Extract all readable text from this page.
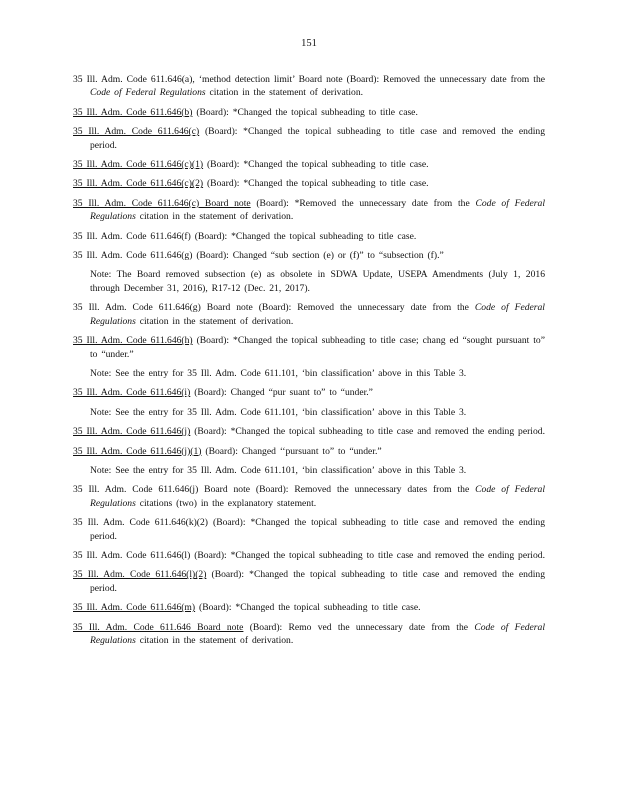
151
35 Ill. Adm. Code 611.646(a), ‘method detection limit’ Board note (Board): Removed the unnecessary date from the Code of Federal Regulations citation in the statement of derivation.
35 Ill. Adm. Code 611.646(b) (Board): *Changed the topical subheading to title case.
35 Ill. Adm. Code 611.646(c) (Board): *Changed the topical subheading to title case and removed the ending period.
35 Ill. Adm. Code 611.646(c)(1) (Board): *Changed the topical subheading to title case.
35 Ill. Adm. Code 611.646(c)(2) (Board): *Changed the topical subheading to title case.
35 Ill. Adm. Code 611.646(c) Board note (Board): *Removed the unnecessary date from the Code of Federal Regulations citation in the statement of derivation.
35 Ill. Adm. Code 611.646(f) (Board): *Changed the topical subheading to title case.
35 Ill. Adm. Code 611.646(g) (Board): Changed “sub section (e) or (f)” to “subsection (f).”
Note: The Board removed subsection (e) as obsolete in SDWA Update, USEPA Amendments (July 1, 2016 through December 31, 2016), R17-12 (Dec. 21, 2017).
35 Ill. Adm. Code 611.646(g) Board note (Board): Removed the unnecessary date from the Code of Federal Regulations citation in the statement of derivation.
35 Ill. Adm. Code 611.646(h) (Board): *Changed the topical subheading to title case; chang ed “sought pursuant to” to “under.”
Note: See the entry for 35 Ill. Adm. Code 611.101, ‘bin classification’ above in this Table 3.
35 Ill. Adm. Code 611.646(i) (Board): Changed “pur suant to” to “under.”
Note: See the entry for 35 Ill. Adm. Code 611.101, ‘bin classification’ above in this Table 3.
35 Ill. Adm. Code 611.646(j) (Board): *Changed the topical subheading to title case and removed the ending period.
35 Ill. Adm. Code 611.646(j)(1) (Board): Changed ‘‘pursuant to” to “under.”
Note: See the entry for 35 Ill. Adm. Code 611.101, ‘bin classification’ above in this Table 3.
35 Ill. Adm. Code 611.646(j) Board note (Board): Removed the unnecessary dates from the Code of Federal Regulations citations (two) in the explanatory statement.
35 Ill. Adm. Code 611.646(k)(2) (Board): *Changed the topical subheading to title case and removed the ending period.
35 Ill. Adm. Code 611.646(l) (Board): *Changed the topical subheading to title case and removed the ending period.
35 Ill. Adm. Code 611.646(l)(2) (Board): *Changed the topical subheading to title case and removed the ending period.
35 Ill. Adm. Code 611.646(m) (Board): *Changed the topical subheading to title case.
35 Ill. Adm. Code 611.646 Board note (Board): Remo ved the unnecessary date from the Code of Federal Regulations citation in the statement of derivation.
